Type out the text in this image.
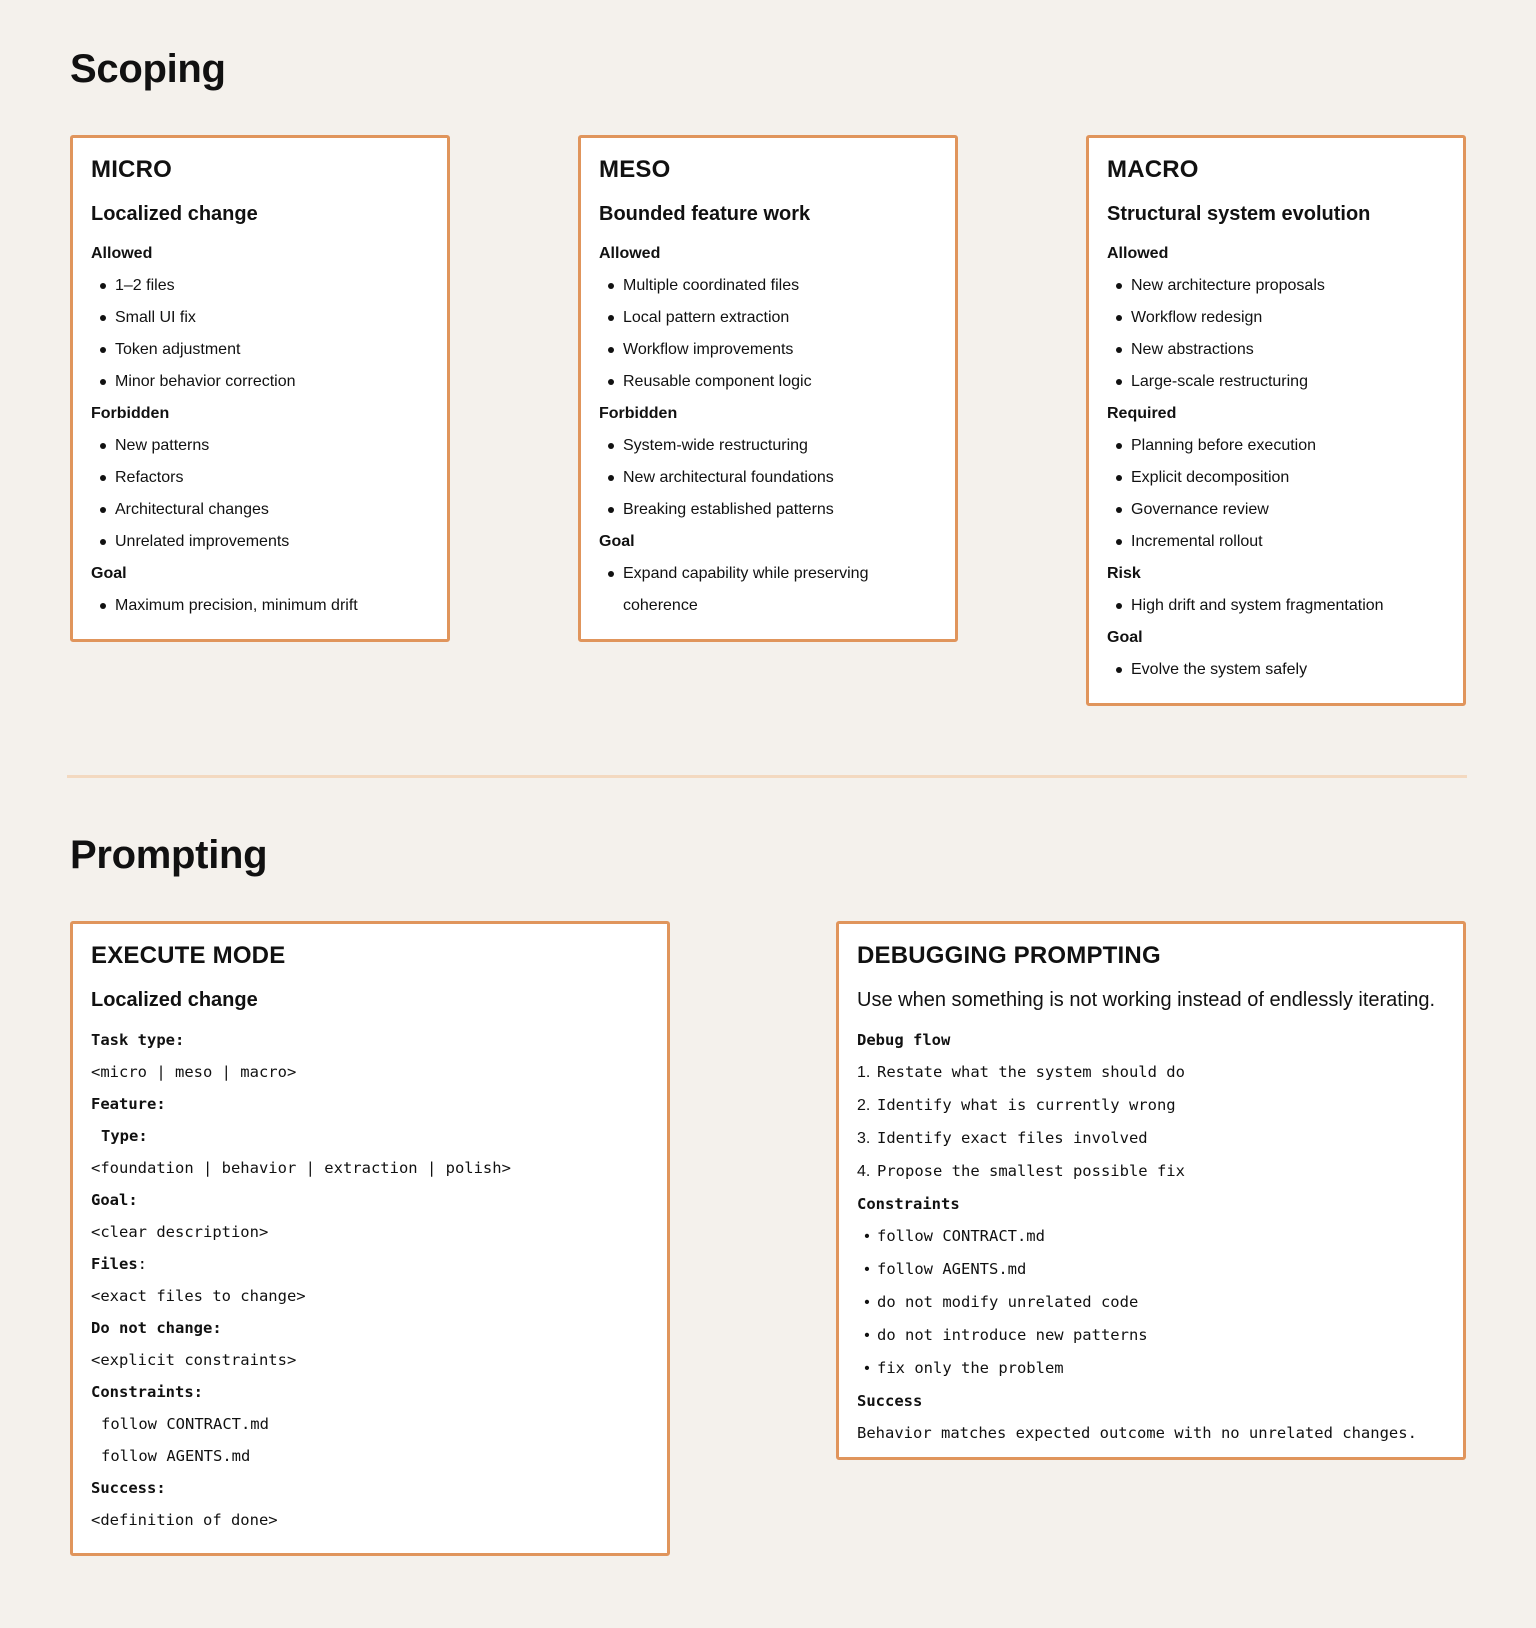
Scoping
MICRO
Localized change
Allowed
1–2 files
Small UI fix
Token adjustment
Minor behavior correction
Forbidden
New patterns
Refactors
Architectural changes
Unrelated improvements
Goal
Maximum precision, minimum drift
MESO
Bounded feature work
Allowed
Multiple coordinated files
Local pattern extraction
Workflow improvements
Reusable component logic
Forbidden
System-wide restructuring
New architectural foundations
Breaking established patterns
Goal
Expand capability while preserving coherence
MACRO
Structural system evolution
Allowed
New architecture proposals
Workflow redesign
New abstractions
Large-scale restructuring
Required
Planning before execution
Explicit decomposition
Governance review
Incremental rollout
Risk
High drift and system fragmentation
Goal
Evolve the system safely
Prompting
EXECUTE MODE
Localized change
Task type:
<micro | meso | macro>
Feature:
Type:
<foundation | behavior | extraction | polish>
Goal:
<clear description>
Files:
<exact files to change>
Do not change:
<explicit constraints>
Constraints:
follow CONTRACT.md
follow AGENTS.md
Success:
<definition of done>
DEBUGGING PROMPTING
Use when something is not working instead of endlessly iterating.
Debug flow
1. Restate what the system should do
2. Identify what is currently wrong
3. Identify exact files involved
4. Propose the smallest possible fix
Constraints
• follow CONTRACT.md
• follow AGENTS.md
• do not modify unrelated code
• do not introduce new patterns
• fix only the problem
Success
Behavior matches expected outcome with no unrelated changes.
